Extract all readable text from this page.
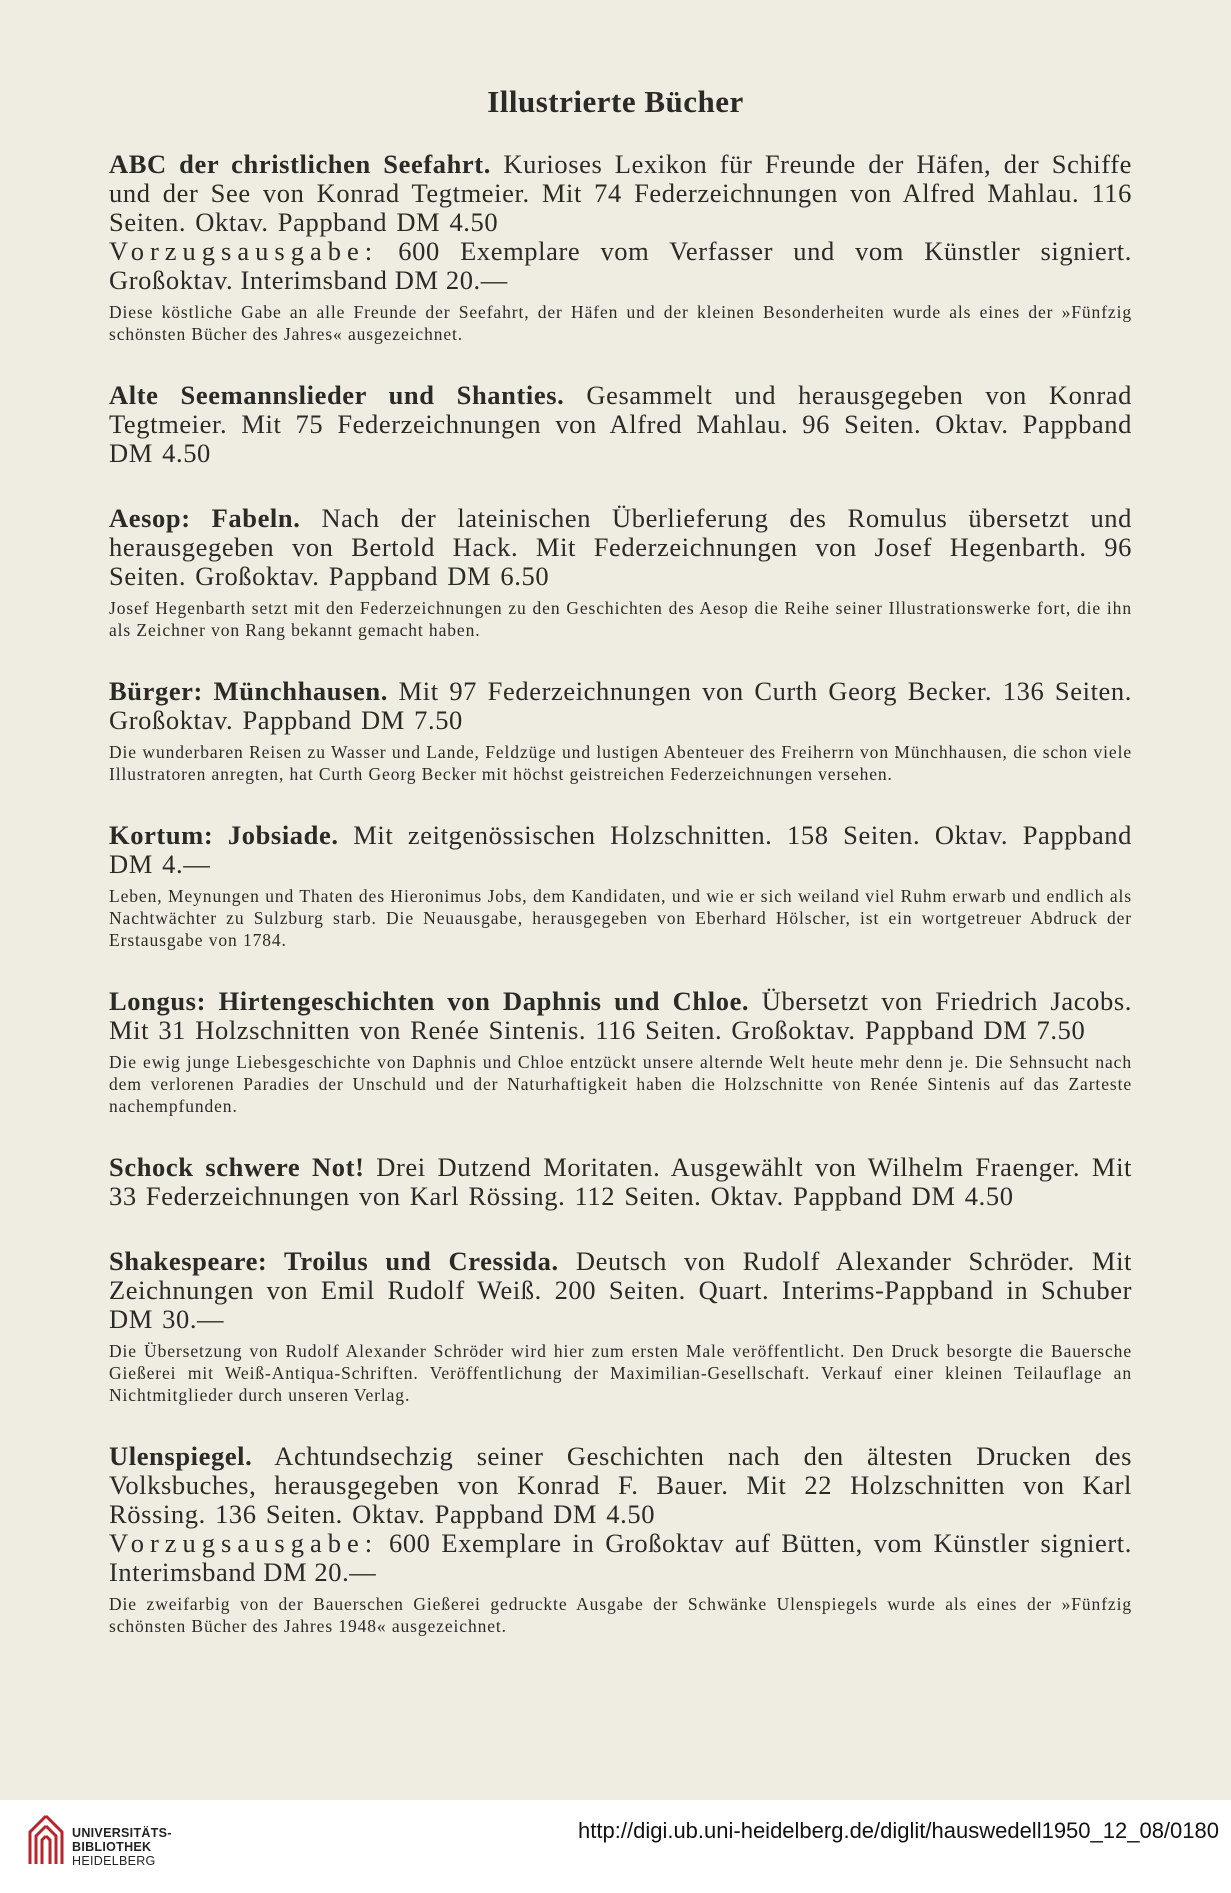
Illustrierte Bücher
ABC der christlichen Seefahrt. Kurioses Lexikon für Freunde der Häfen, der Schiffe und der See von Konrad Tegtmeier. Mit 74 Federzeichnungen von Alfred Mahlau. 116 Seiten. Oktav. Pappband DM 4.50
Vorzugsausgabe: 600 Exemplare vom Verfasser und vom Künstler signiert. Großoktav. Interimsband DM 20.—
Diese köstliche Gabe an alle Freunde der Seefahrt, der Häfen und der kleinen Besonderheiten wurde als eines der »Fünfzig schönsten Bücher des Jahres« ausgezeichnet.
Alte Seemannslieder und Shanties. Gesammelt und herausgegeben von Konrad Tegtmeier. Mit 75 Federzeichnungen von Alfred Mahlau. 96 Seiten. Oktav. Pappband DM 4.50
Aesop: Fabeln. Nach der lateinischen Überlieferung des Romulus übersetzt und herausgegeben von Bertold Hack. Mit Federzeichnungen von Josef Hegenbarth. 96 Seiten. Großoktav. Pappband DM 6.50
Josef Hegenbarth setzt mit den Federzeichnungen zu den Geschichten des Aesop die Reihe seiner Illustrationswerke fort, die ihn als Zeichner von Rang bekannt gemacht haben.
Bürger: Münchhausen. Mit 97 Federzeichnungen von Curth Georg Becker. 136 Seiten. Großoktav. Pappband DM 7.50
Die wunderbaren Reisen zu Wasser und Lande, Feldzüge und lustigen Abenteuer des Freiherrn von Münchhausen, die schon viele Illustratoren anregten, hat Curth Georg Becker mit höchst geistreichen Federzeichnungen versehen.
Kortum: Jobsiade. Mit zeitgenössischen Holzschnitten. 158 Seiten. Oktav. Pappband DM 4.—
Leben, Meynungen und Thaten des Hieronimus Jobs, dem Kandidaten, und wie er sich weiland viel Ruhm erwarb und endlich als Nachtwächter zu Sulzburg starb. Die Neuausgabe, herausgegeben von Eberhard Hölscher, ist ein wortgetreuer Abdruck der Erstausgabe von 1784.
Longus: Hirtengeschichten von Daphnis und Chloe. Übersetzt von Friedrich Jacobs. Mit 31 Holzschnitten von Renée Sintenis. 116 Seiten. Großoktav. Pappband DM 7.50
Die ewig junge Liebesgeschichte von Daphnis und Chloe entzückt unsere alternde Welt heute mehr denn je. Die Sehnsucht nach dem verlorenen Paradies der Unschuld und der Naturhaftigkeit haben die Holzschnitte von Renée Sintenis auf das Zarteste nachempfunden.
Schock schwere Not! Drei Dutzend Moritaten. Ausgewählt von Wilhelm Fraenger. Mit 33 Federzeichnungen von Karl Rössing. 112 Seiten. Oktav. Pappband DM 4.50
Shakespeare: Troilus und Cressida. Deutsch von Rudolf Alexander Schröder. Mit Zeichnungen von Emil Rudolf Weiß. 200 Seiten. Quart. Interims-Pappband in Schuber DM 30.—
Die Übersetzung von Rudolf Alexander Schröder wird hier zum ersten Male veröffentlicht. Den Druck besorgte die Bauersche Gießerei mit Weiß-Antiqua-Schriften. Veröffentlichung der Maximilian-Gesellschaft. Verkauf einer kleinen Teilauflage an Nichtmitglieder durch unseren Verlag.
Ulenspiegel. Achtundsechzig seiner Geschichten nach den ältesten Drucken des Volksbuches, herausgegeben von Konrad F. Bauer. Mit 22 Holzschnitten von Karl Rössing. 136 Seiten. Oktav. Pappband DM 4.50
Vorzugsausgabe: 600 Exemplare in Großoktav auf Bütten, vom Künstler signiert. Interimsband DM 20.—
Die zweifarbig von der Bauerschen Gießerei gedruckte Ausgabe der Schwänke Ulenspiegels wurde als eines der »Fünfzig schönsten Bücher des Jahres 1948« ausgezeichnet.
UNIVERSITÄTS-
BIBLIOTHEK
HEIDELBERG
http://digi.ub.uni-heidelberg.de/diglit/hauswedell1950_12_08/0180
